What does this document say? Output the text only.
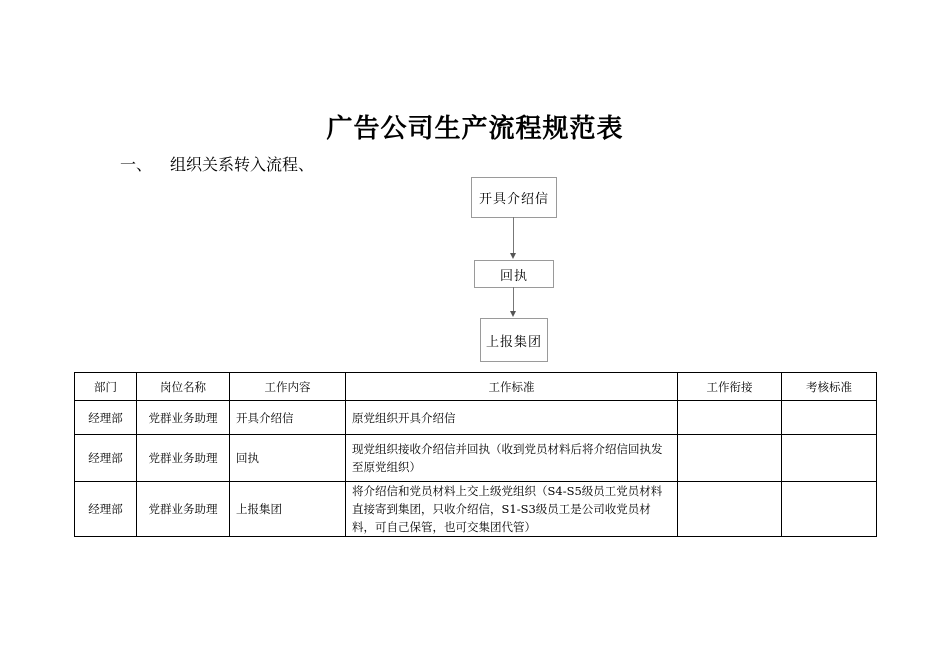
广告公司生产流程规范表
一、 组织关系转入流程、
开具介绍信
回执
上报集团
部门	岗位名称	工作内容	工作标准	工作衔接	考核标准
经理部	党群业务助理	开具介绍信	原党组织开具介绍信		
经理部	党群业务助理	回执	现党组织接收介绍信并回执（收到党员材料后将介绍信回执发至原党组织）		
经理部	党群业务助理	上报集团	将介绍信和党员材料上交上级党组织（S4-S5级员工党员材料直接寄到集团，只收介绍信，S1-S3级员工是公司收党员材料，可自己保管，也可交集团代管）		
